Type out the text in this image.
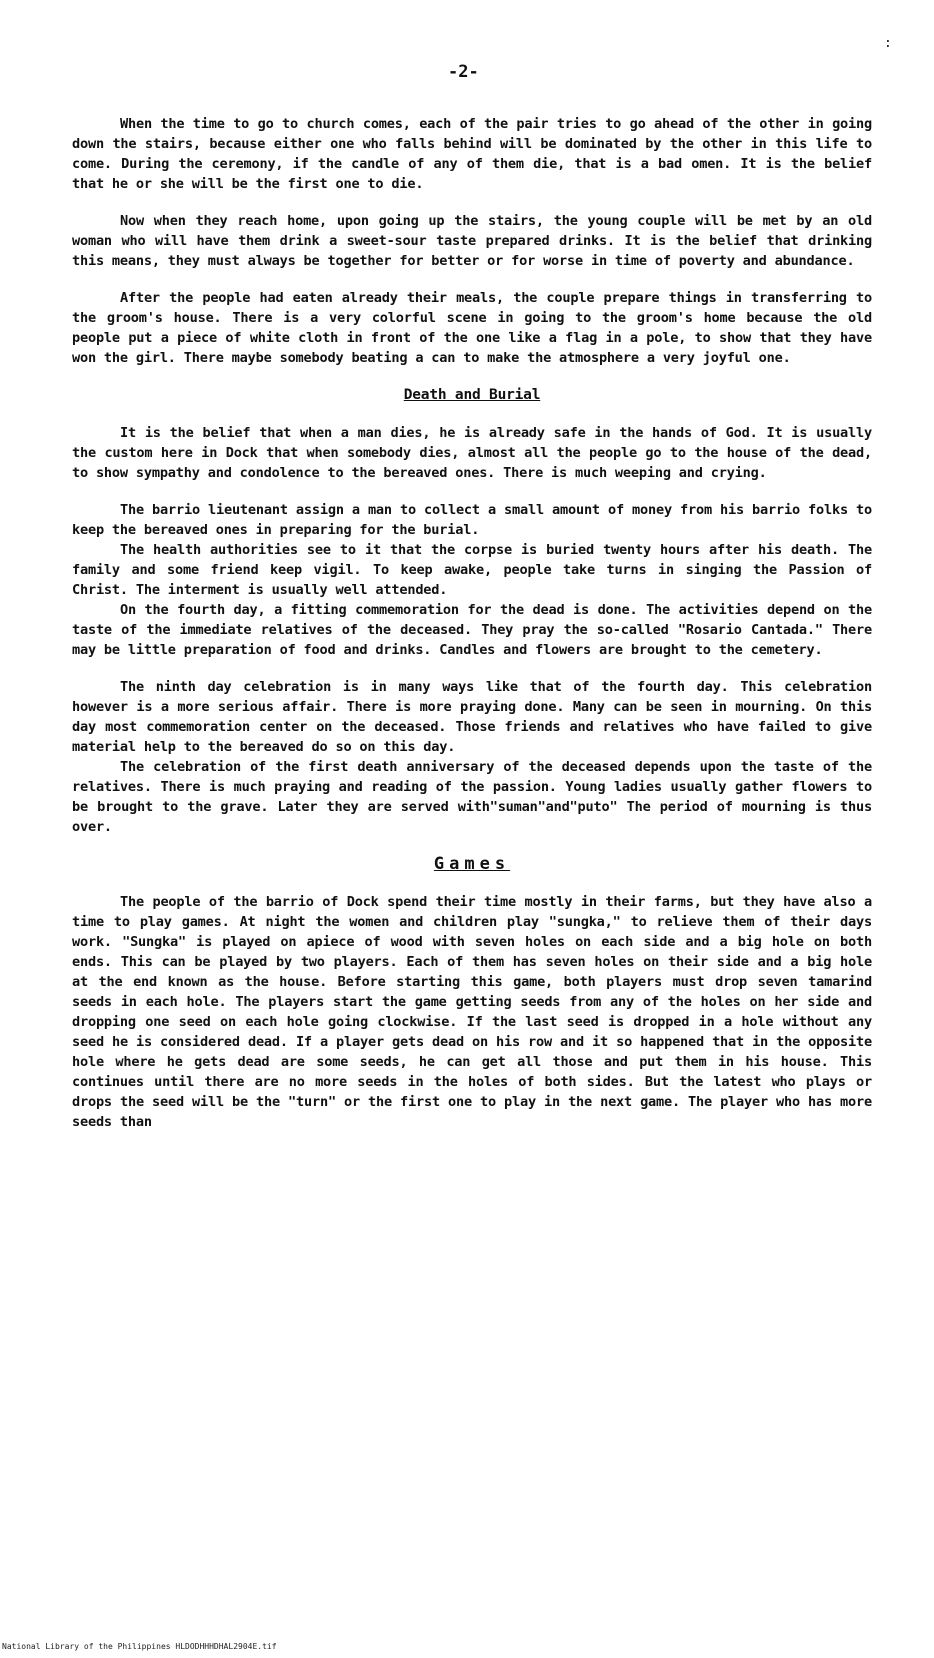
:
-2-

When the time to go to church comes, each of the pair tries to go ahead of the other in going down the stairs, because either one who falls behind will be dominated by the other in this life to come. During the ceremony, if the candle of any of them die, that is a bad omen. It is the belief that he or she will be the first one to die.

Now when they reach home, upon going up the stairs, the young couple will be met by an old woman who will have them drink a sweet-sour taste prepared drinks. It is the belief that drinking this means, they must always be together for better or for worse in time of poverty and abundance.

After the people had eaten already their meals, the couple prepare things in transferring to the groom's house. There is a very colorful scene in going to the groom's home because the old people put a piece of white cloth in front of the one like a flag in a pole, to show that they have won the girl. There maybe somebody beating a can to make the atmosphere a very joyful one.

Death and Burial

It is the belief that when a man dies, he is already safe in the hands of God. It is usually the custom here in Dock that when somebody dies, almost all the people go to the house of the dead, to show sympathy and condolence to the bereaved ones. There is much weeping and crying.

The barrio lieutenant assign a man to collect a small amount of money from his barrio folks to keep the bereaved ones in preparing for the burial.

The health authorities see to it that the corpse is buried twenty hours after his death. The family and some friend keep vigil. To keep awake, people take turns in singing the Passion of Christ. The interment is usually well attended.

On the fourth day, a fitting commemoration for the dead is done. The activities depend on the taste of the immediate relatives of the deceased. They pray the so-called "Rosario Cantada." There may be little preparation of food and drinks. Candles and flowers are brought to the cemetery.

The ninth day celebration is in many ways like that of the fourth day. This celebration however is a more serious affair. There is more praying done. Many can be seen in mourning. On this day most commemoration center on the deceased. Those friends and relatives who have failed to give material help to the bereaved do so on this day.

The celebration of the first death anniversary of the deceased depends upon the taste of the relatives. There is much praying and reading of the passion. Young ladies usually gather flowers to be brought to the grave. Later they are served with"suman"and"puto" The period of mourning is thus over.

Games

The people of the barrio of Dock spend their time mostly in their farms, but they have also a time to play games. At night the women and children play "sungka," to relieve them of their days work. "Sungka" is played on apiece of wood with seven holes on each side and a big hole on both ends. This can be played by two players. Each of them has seven holes on their side and a big hole at the end known as the house. Before starting this game, both players must drop seven tamarind seeds in each hole. The players start the game getting seeds from any of the holes on her side and dropping one seed on each hole going clockwise. If the last seed is dropped in a hole without any seed he is considered dead. If a player gets dead on his row and it so happened that in the opposite hole where he gets dead are some seeds, he can get all those and put them in his house. This continues until there are no more seeds in the holes of both sides. But the latest who plays or drops the seed will be the "turn" or the first one to play in the next game. The player who has more seeds than

National Library of the Philippines HLDODHHHDHAL2904E.tif
